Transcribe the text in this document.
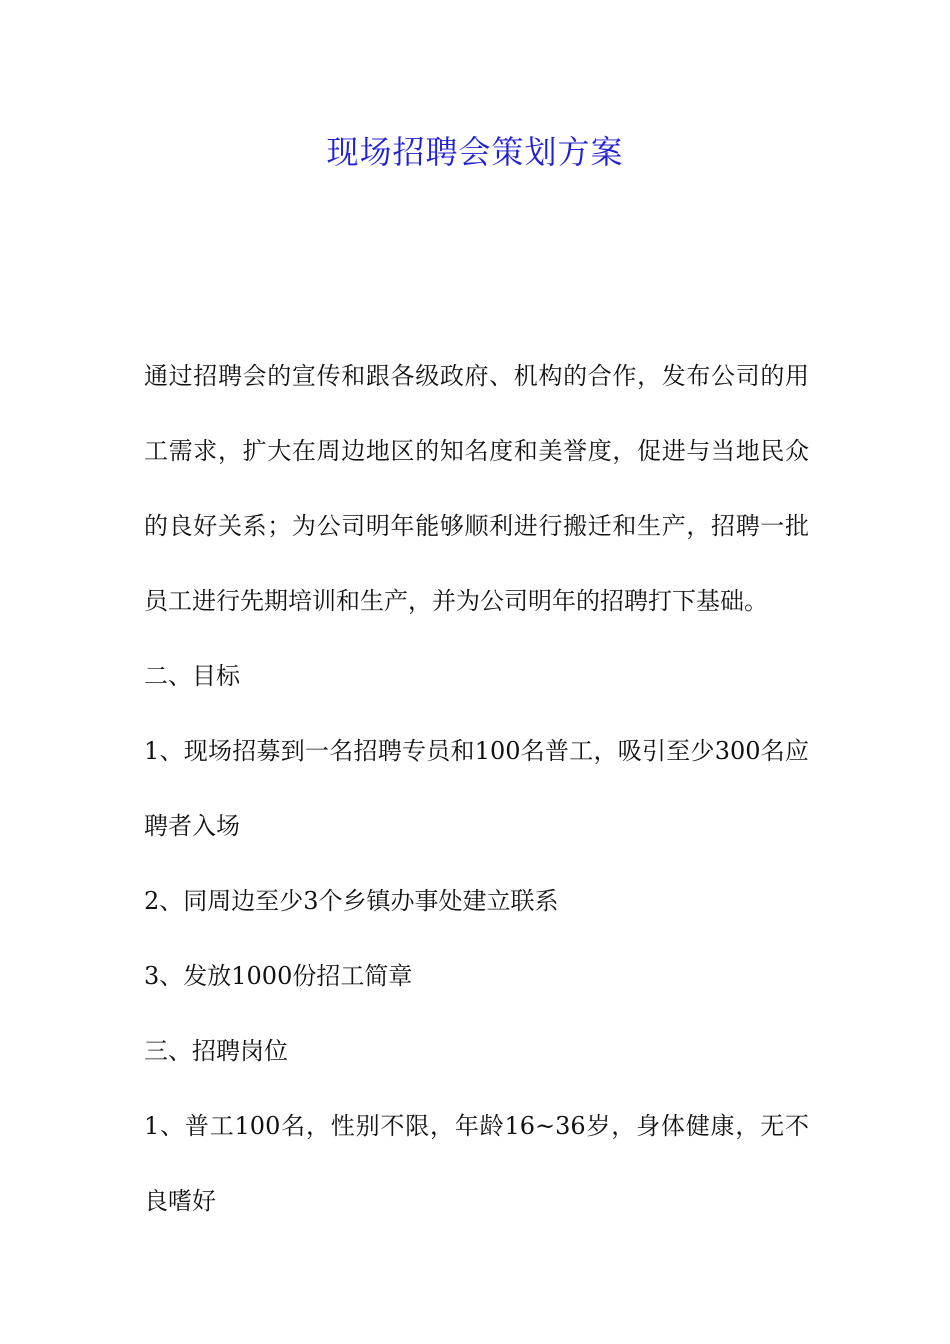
现场招聘会策划方案

通过招聘会的宣传和跟各级政府、机构的合作，发布公司的用工需求，扩大在周边地区的知名度和美誉度，促进与当地民众的良好关系；为公司明年能够顺利进行搬迁和生产，招聘一批员工进行先期培训和生产，并为公司明年的招聘打下基础。

二、目标

1、现场招募到一名招聘专员和100名普工，吸引至少300名应聘者入场

2、同周边至少3个乡镇办事处建立联系

3、发放1000份招工简章

三、招聘岗位

1、普工100名，性别不限，年龄16~36岁，身体健康，无不良嗜好
